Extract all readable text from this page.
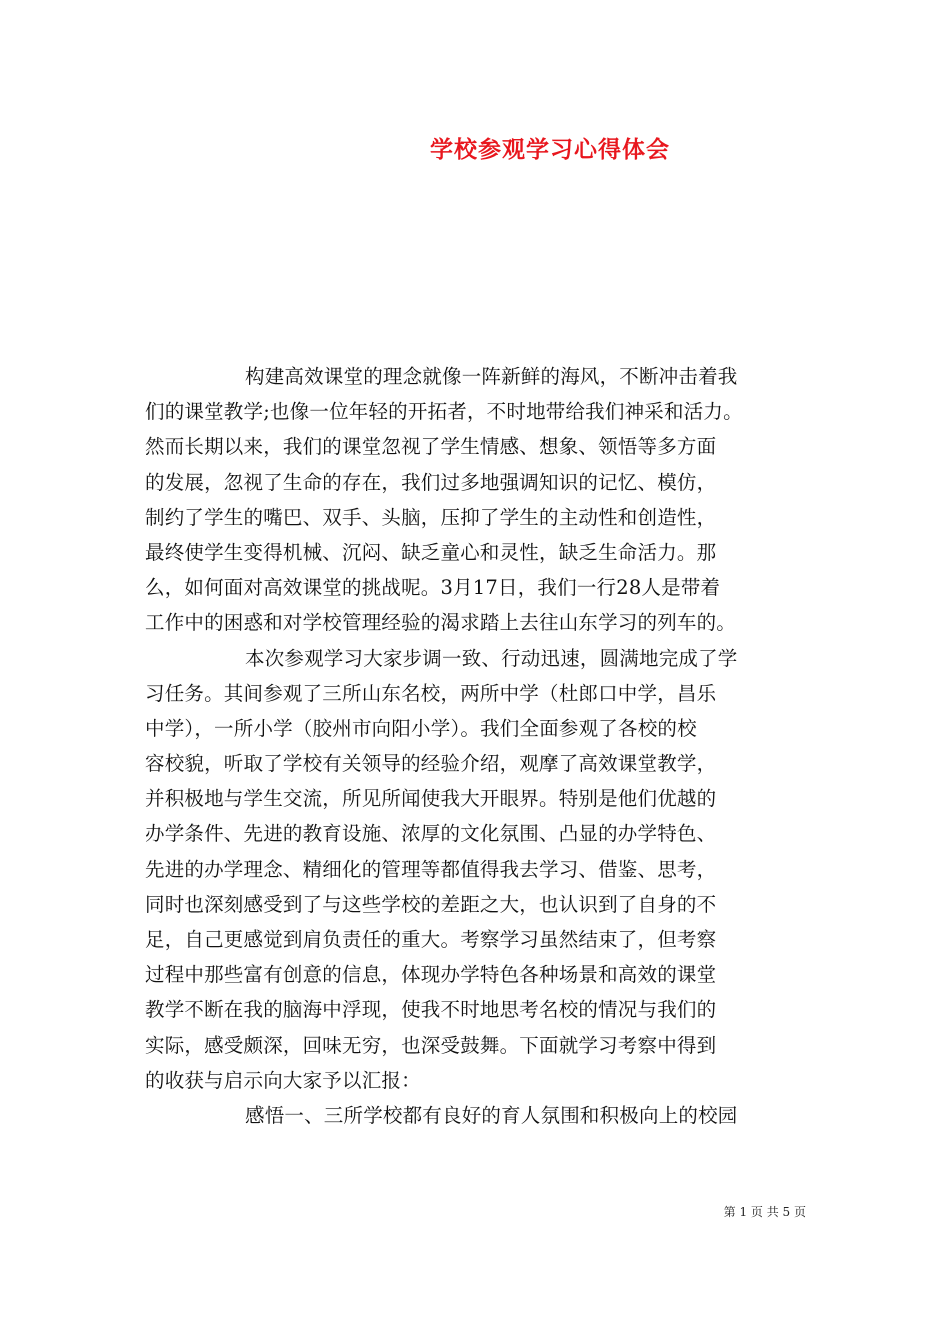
学校参观学习心得体会
构建高效课堂的理念就像一阵新鲜的海风，不断冲击着我
们的课堂教学;也像一位年轻的开拓者，不时地带给我们神采和活力。
然而长期以来，我们的课堂忽视了学生情感、想象、领悟等多方面
的发展，忽视了生命的存在，我们过多地强调知识的记忆、模仿，
制约了学生的嘴巴、双手、头脑，压抑了学生的主动性和创造性，
最终使学生变得机械、沉闷、缺乏童心和灵性，缺乏生命活力。那
么，如何面对高效课堂的挑战呢。3月17日，我们一行28人是带着
工作中的困惑和对学校管理经验的渴求踏上去往山东学习的列车的。
本次参观学习大家步调一致、行动迅速，圆满地完成了学
习任务。其间参观了三所山东名校，两所中学（杜郎口中学，昌乐
中学），一所小学（胶州市向阳小学）。我们全面参观了各校的校
容校貌，听取了学校有关领导的经验介绍，观摩了高效课堂教学，
并积极地与学生交流，所见所闻使我大开眼界。特别是他们优越的
办学条件、先进的教育设施、浓厚的文化氛围、凸显的办学特色、
先进的办学理念、精细化的管理等都值得我去学习、借鉴、思考，
同时也深刻感受到了与这些学校的差距之大，也认识到了自身的不
足，自己更感觉到肩负责任的重大。考察学习虽然结束了，但考察
过程中那些富有创意的信息，体现办学特色各种场景和高效的课堂
教学不断在我的脑海中浮现，使我不时地思考名校的情况与我们的
实际，感受颇深，回味无穷，也深受鼓舞。下面就学习考察中得到
的收获与启示向大家予以汇报：
感悟一、三所学校都有良好的育人氛围和积极向上的校园
第 1 页 共 5 页
